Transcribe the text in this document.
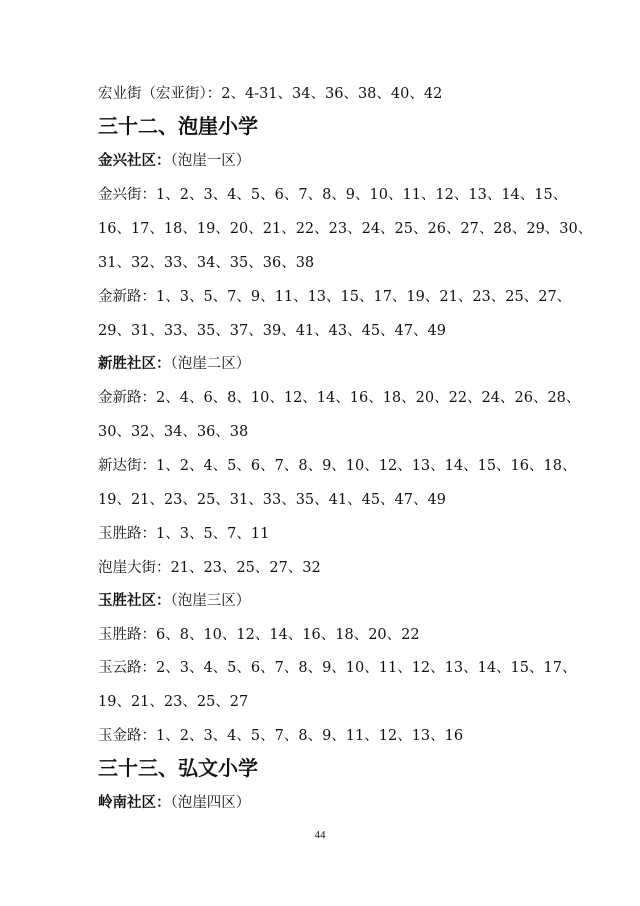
宏业街（宏亚街）：2、4-31、34、36、38、40、42
三十二、泡崖小学
金兴社区：（泡崖一区）
金兴街：1、2、3、4、5、6、7、8、9、10、11、12、13、14、15、
16、17、18、19、20、21、22、23、24、25、26、27、28、29、30、
31、32、33、34、35、36、38
金新路：1、3、5、7、9、11、13、15、17、19、21、23、25、27、
29、31、33、35、37、39、41、43、45、47、49
新胜社区：（泡崖二区）
金新路：2、4、6、8、10、12、14、16、18、20、22、24、26、28、
30、32、34、36、38
新达街：1、2、4、5、6、7、8、9、10、12、13、14、15、16、18、
19、21、23、25、31、33、35、41、45、47、49
玉胜路：1、3、5、7、11
泡崖大街：21、23、25、27、32
玉胜社区：（泡崖三区）
玉胜路：6、8、10、12、14、16、18、20、22
玉云路：2、3、4、5、6、7、8、9、10、11、12、13、14、15、17、
19、21、23、25、27
玉金路：1、2、3、4、5、7、8、9、11、12、13、16
三十三、弘文小学
岭南社区：（泡崖四区）
44
